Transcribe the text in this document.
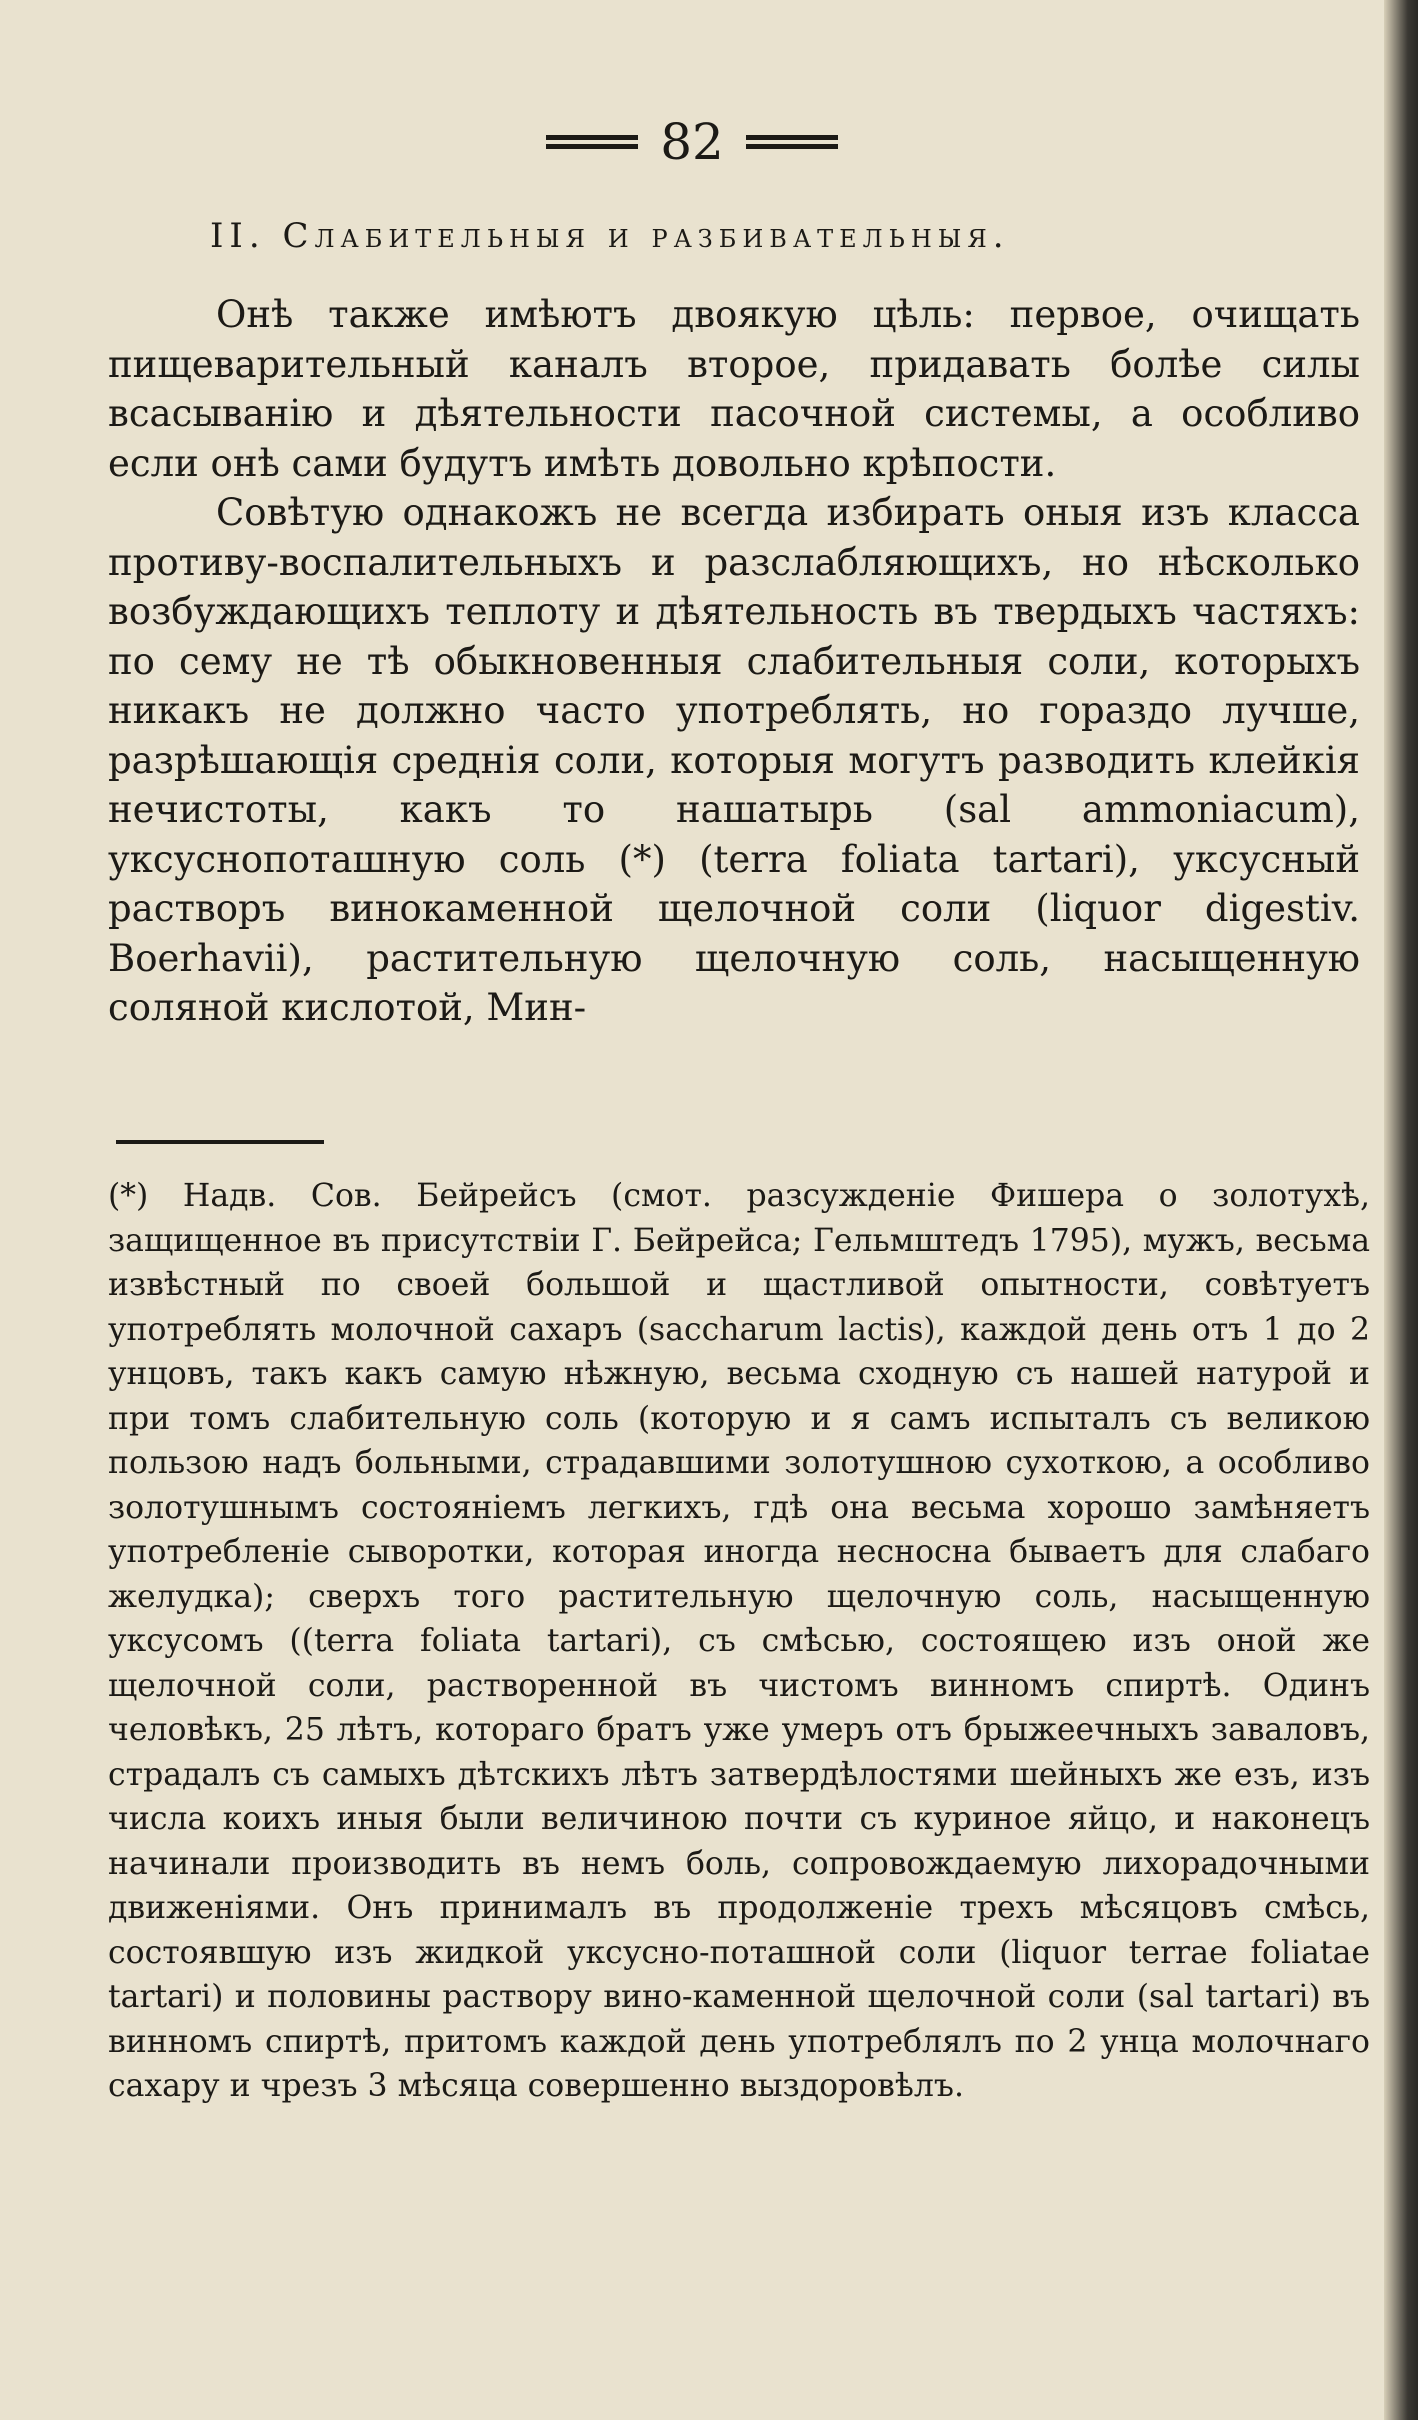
82
II. Слабительныя и разбивательныя.

Онѣ также имѣютъ двоякую цѣль: первое, очищать пищеварительный каналъ второе, придавать болѣе силы всасыванію и дѣятельности пасочной системы, а особливо если онѣ сами будутъ имѣть довольно крѣпости.

Совѣтую однакожъ не всегда избирать оныя изъ класса противу-воспалительныхъ и разслабляющихъ, но нѣсколько возбуждающихъ теплоту и дѣятельность въ твердыхъ частяхъ: по сему не тѣ обыкновенныя слабительныя соли, которыхъ никакъ не должно часто употреблять, но гораздо лучше, разрѣшающія среднія соли, которыя могутъ разводить клейкія нечистоты, какъ то нашатырь (sal ammoniacum), уксуснопоташную соль (*) (terra foliata tartari), уксусный растворъ винокаменной щелочной соли (liquor digestiv. Boerhavii), растительную щелочную соль, насыщенную соляной кислотой, Мин-

(*) Надв. Сов. Бейрейсъ (смот. разсужденіе Фишера о золотухѣ, защищенное въ присутствіи Г. Бейрейса; Гельмштедъ 1795), мужъ, весьма извѣстный по своей большой и щастливой опытности, совѣтуетъ употреблять молочной сахаръ (saccharum lactis), каждой день отъ 1 до 2 унцовъ, такъ какъ самую нѣжную, весьма сходную съ нашей натурой и при томъ слабительную соль (которую и я самъ испыталъ съ великою пользою надъ больными, страдавшими золотушною сухоткою, а особливо золотушнымъ состояніемъ легкихъ, гдѣ она весьма хорошо замѣняетъ употребленіе сыворотки, которая иногда несносна бываетъ для слабаго желудка); сверхъ того растительную щелочную соль, насыщенную уксусомъ ((terra foliata tartari), съ смѣсью, состоящею изъ оной же щелочной соли, растворенной въ чистомъ винномъ спиртѣ. Одинъ человѣкъ, 25 лѣтъ, котораго братъ уже умеръ отъ брыжеечныхъ заваловъ, страдалъ съ самыхъ дѣтскихъ лѣтъ затвердѣлостями шейныхъ же езъ, изъ числа коихъ иныя были величиною почти съ куриное яйцо, и наконецъ начинали производить въ немъ боль, сопровождаемую лихорадочными движеніями. Онъ принималъ въ продолженіе трехъ мѣсяцовъ смѣсь, состоявшую изъ жидкой уксусно-поташной соли (liquor terrae foliatae tartari) и половины раствору вино-каменной щелочной соли (sal tartari) въ винномъ спиртѣ, притомъ каждой день употреблялъ по 2 унца молочнаго сахару и чрезъ 3 мѣсяца совершенно выздоровѣлъ.
